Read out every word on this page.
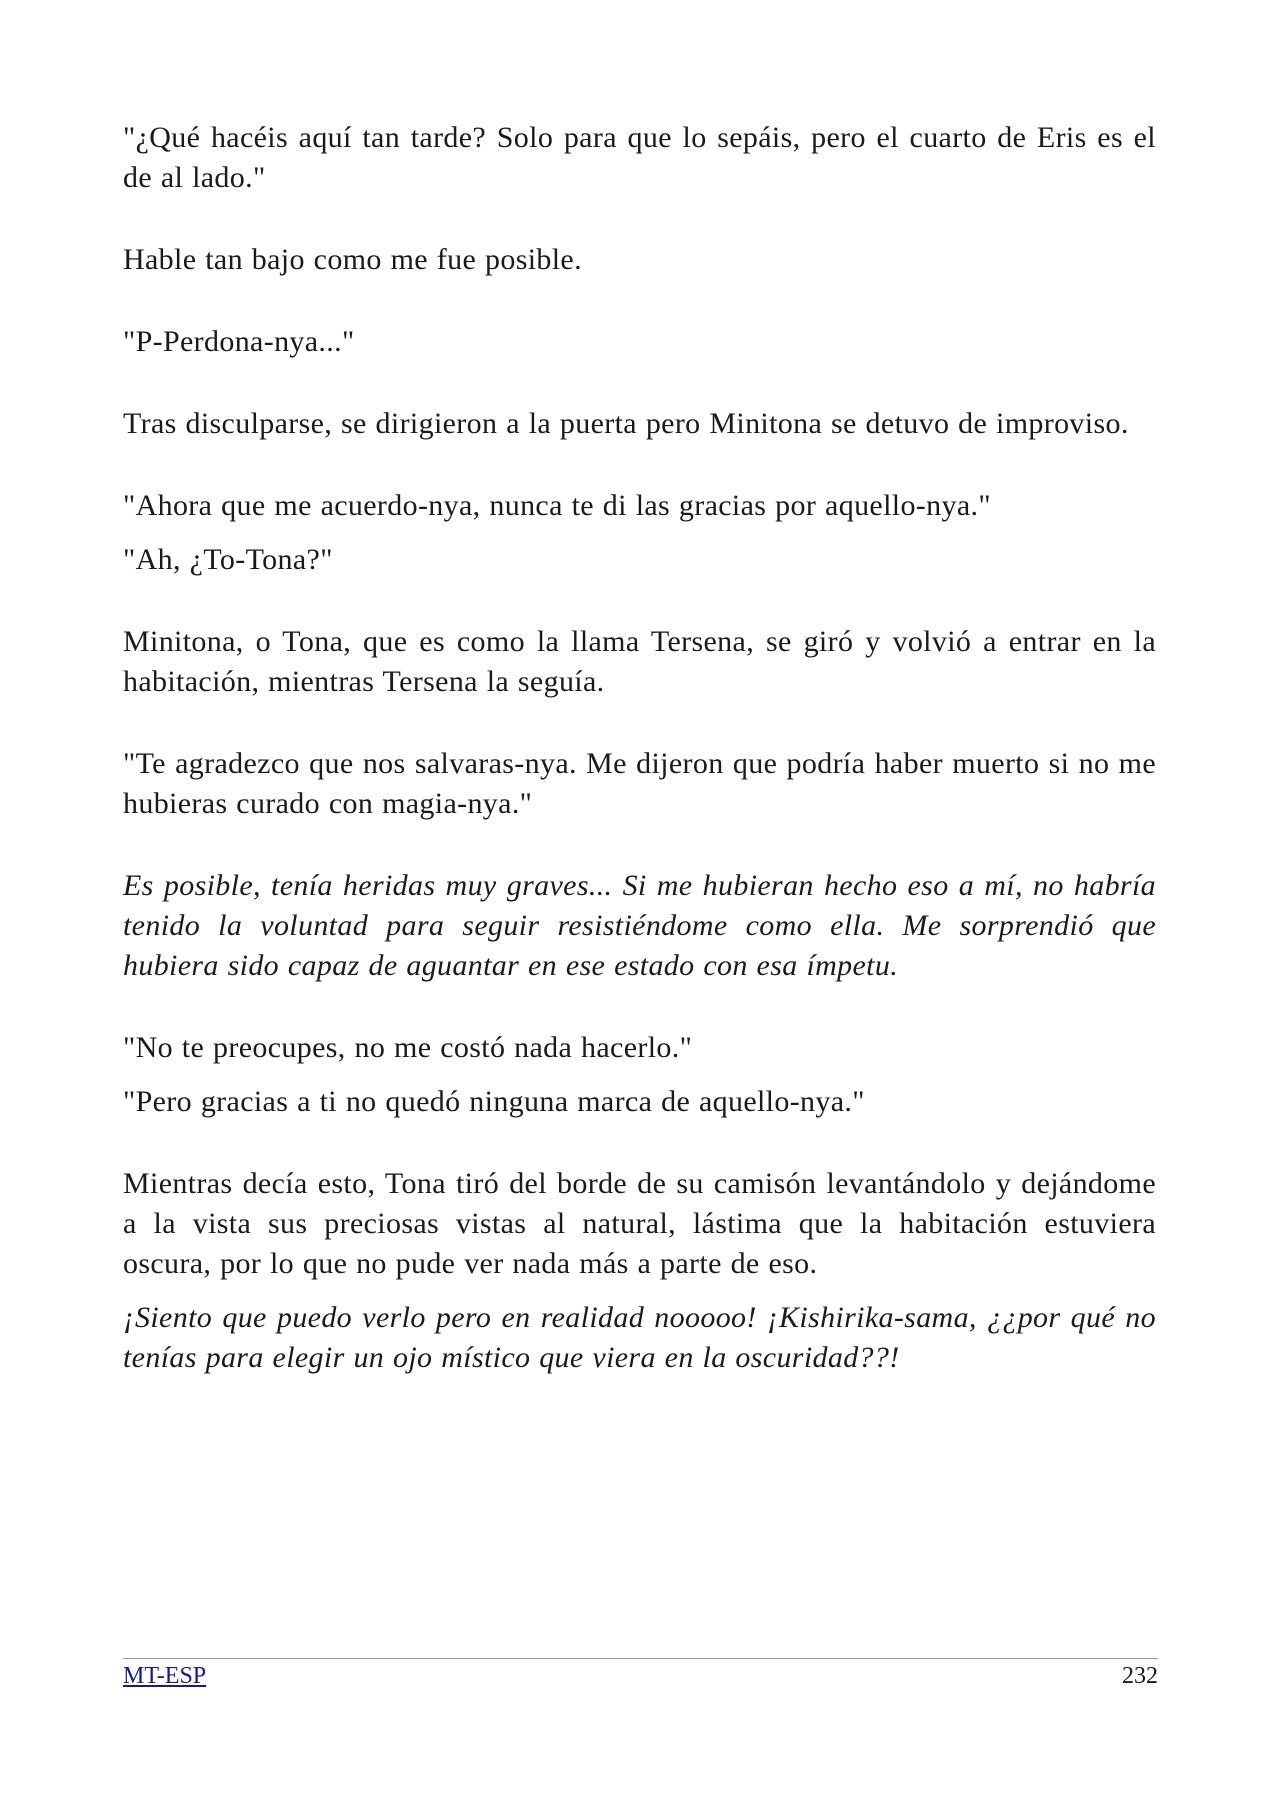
"¿Qué hacéis aquí tan tarde? Solo para que lo sepáis, pero el cuarto de Eris es el de al lado."

Hable tan bajo como me fue posible.

"P-Perdona-nya..."

Tras disculparse, se dirigieron a la puerta pero Minitona se detuvo de improviso.

"Ahora que me acuerdo-nya, nunca te di las gracias por aquello-nya."

"Ah, ¿To-Tona?"

Minitona, o Tona, que es como la llama Tersena, se giró y volvió a entrar en la habitación, mientras Tersena la seguía.

"Te agradezco que nos salvaras-nya. Me dijeron que podría haber muerto si no me hubieras curado con magia-nya."

Es posible, tenía heridas muy graves... Si me hubieran hecho eso a mí, no habría tenido la voluntad para seguir resistiéndome como ella. Me sorprendió que hubiera sido capaz de aguantar en ese estado con esa ímpetu.

"No te preocupes, no me costó nada hacerlo."

"Pero gracias a ti no quedó ninguna marca de aquello-nya."

Mientras decía esto, Tona tiró del borde de su camisón levantándolo y dejándome a la vista sus preciosas vistas al natural, lástima que la habitación estuviera oscura, por lo que no pude ver nada más a parte de eso.

¡Siento que puedo verlo pero en realidad nooooo! ¡Kishirika-sama, ¿¿por qué no tenías para elegir un ojo místico que viera en la oscuridad??!

MT-ESP	232
